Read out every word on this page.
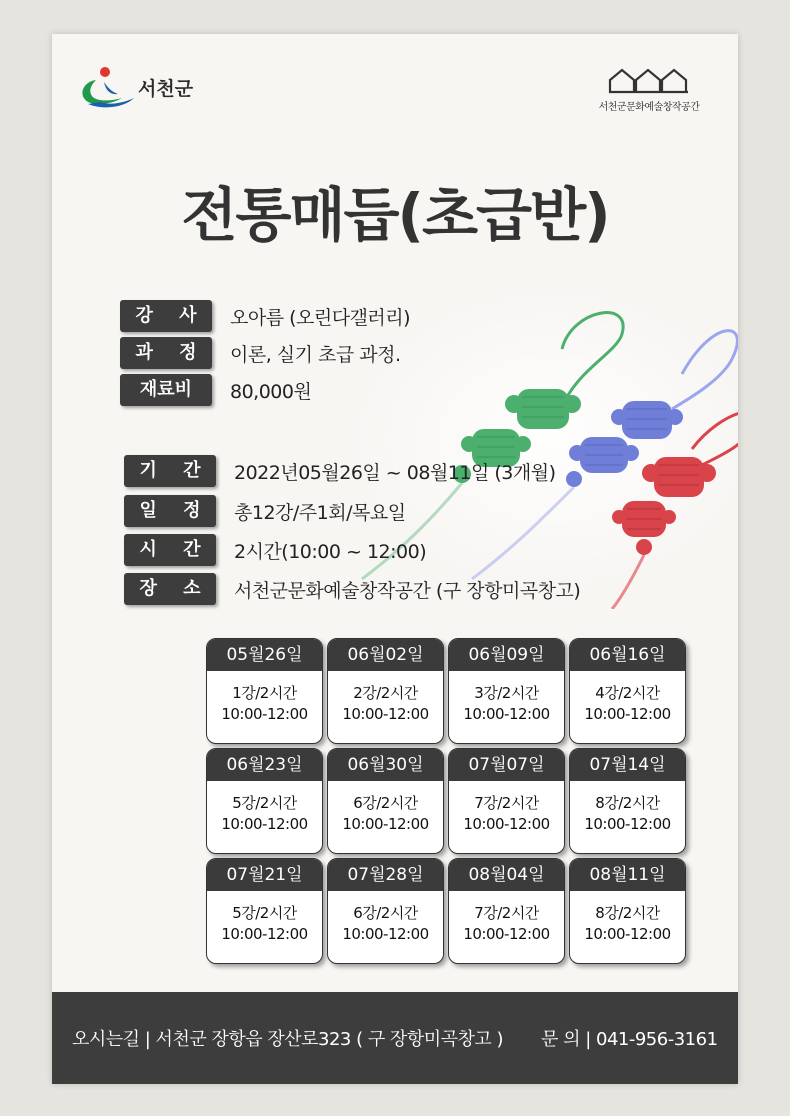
서천군
서천군문화예술창작공간
전통매듭(초급반)
강 사 오아름 (오린다갤러리)
과 정 이론, 실기 초급 과정.
재료비	80,000원
기 간 2022년05월26일 ~ 08월11일 (3개월)
일 정 총12강/주1회/목요일
시 간 2시간(10:00 ~ 12:00)
장 소 서천군문화예술창작공간 (구 장항미곡창고)
05월26일
1강/2시간
10:00-12:00
06월02일
2강/2시간
10:00-12:00
06월09일
3강/2시간
10:00-12:00
06월16일
4강/2시간
10:00-12:00
06월23일
5강/2시간
10:00-12:00
06월30일
6강/2시간
10:00-12:00
07월07일
7강/2시간
10:00-12:00
07월14일
8강/2시간
10:00-12:00
07월21일
5강/2시간
10:00-12:00
07월28일
6강/2시간
10:00-12:00
08월04일
7강/2시간
10:00-12:00
08월11일
8강/2시간
10:00-12:00
오시는길 | 서천군 장항읍 장산로323 ( 구 장항미곡창고 ) 문 의 | 041-956-3161
